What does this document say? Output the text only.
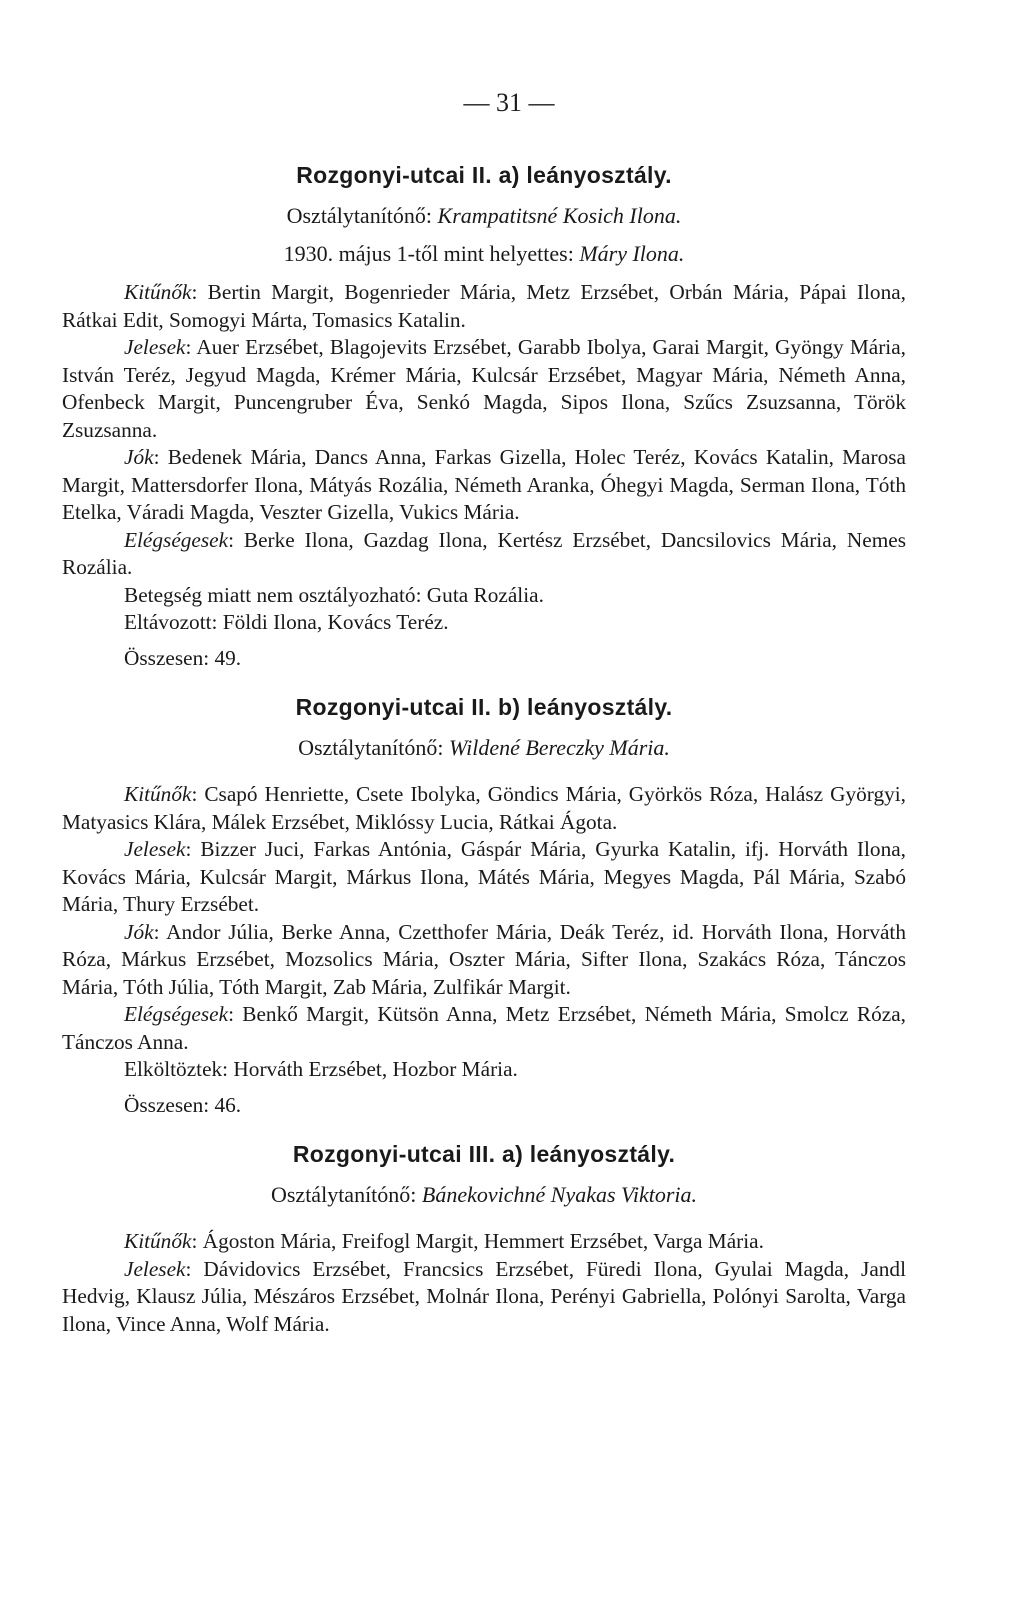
— 31 —
Rozgonyi-utcai II. a) leányosztály.
Osztálytanítónő: Krampatitsné Kosich Ilona.
1930. május 1-től mint helyettes: Máry Ilona.

Kitűnők: Bertin Margit, Bogenrieder Mária, Metz Erzsébet, Orbán Mária, Pápai Ilona, Rátkai Edit, Somogyi Márta, Tomasics Katalin.

Jelesek: Auer Erzsébet, Blagojevits Erzsébet, Garabb Ibolya, Garai Margit, Gyöngy Mária, István Teréz, Jegyud Magda, Krémer Mária, Kulcsár Erzsébet, Magyar Mária, Németh Anna, Ofenbeck Margit, Puncengruber Éva, Senkó Magda, Sipos Ilona, Szűcs Zsuzsanna, Török Zsuzsanna.

Jók: Bedenek Mária, Dancs Anna, Farkas Gizella, Holec Teréz, Kovács Katalin, Marosa Margit, Mattersdorfer Ilona, Mátyás Rozália, Németh Aranka, Óhegyi Magda, Serman Ilona, Tóth Etelka, Váradi Magda, Veszter Gizella, Vukics Mária.

Elégségesek: Berke Ilona, Gazdag Ilona, Kertész Erzsébet, Dancsilovics Mária, Nemes Rozália.

Betegség miatt nem osztályozható: Guta Rozália.

Eltávozott: Földi Ilona, Kovács Teréz.

Összesen: 49.

Rozgonyi-utcai II. b) leányosztály.
Osztálytanítónő: Wildené Bereczky Mária.

Kitűnők: Csapó Henriette, Csete Ibolyka, Göndics Mária, Györkös Róza, Halász Györgyi, Matyasics Klára, Málek Erzsébet, Miklóssy Lucia, Rátkai Ágota.

Jelesek: Bizzer Juci, Farkas Antónia, Gáspár Mária, Gyurka Katalin, ifj. Horváth Ilona, Kovács Mária, Kulcsár Margit, Márkus Ilona, Mátés Mária, Megyes Magda, Pál Mária, Szabó Mária, Thury Erzsébet.

Jók: Andor Júlia, Berke Anna, Czetthofer Mária, Deák Teréz, id. Horváth Ilona, Horváth Róza, Márkus Erzsébet, Mozsolics Mária, Oszter Mária, Sifter Ilona, Szakács Róza, Tánczos Mária, Tóth Júlia, Tóth Margit, Zab Mária, Zulfikár Margit.

Elégségesek: Benkő Margit, Kütsön Anna, Metz Erzsébet, Németh Mária, Smolcz Róza, Tánczos Anna.

Elköltöztek: Horváth Erzsébet, Hozbor Mária.

Összesen: 46.

Rozgonyi-utcai III. a) leányosztály.
Osztálytanítónő: Bánekovichné Nyakas Viktoria.

Kitűnők: Ágoston Mária, Freifogl Margit, Hemmert Erzsébet, Varga Mária.

Jelesek: Dávidovics Erzsébet, Francsics Erzsébet, Füredi Ilona, Gyulai Magda, Jandl Hedvig, Klausz Júlia, Mészáros Erzsébet, Molnár Ilona, Perényi Gabriella, Polónyi Sarolta, Varga Ilona, Vince Anna, Wolf Mária.
